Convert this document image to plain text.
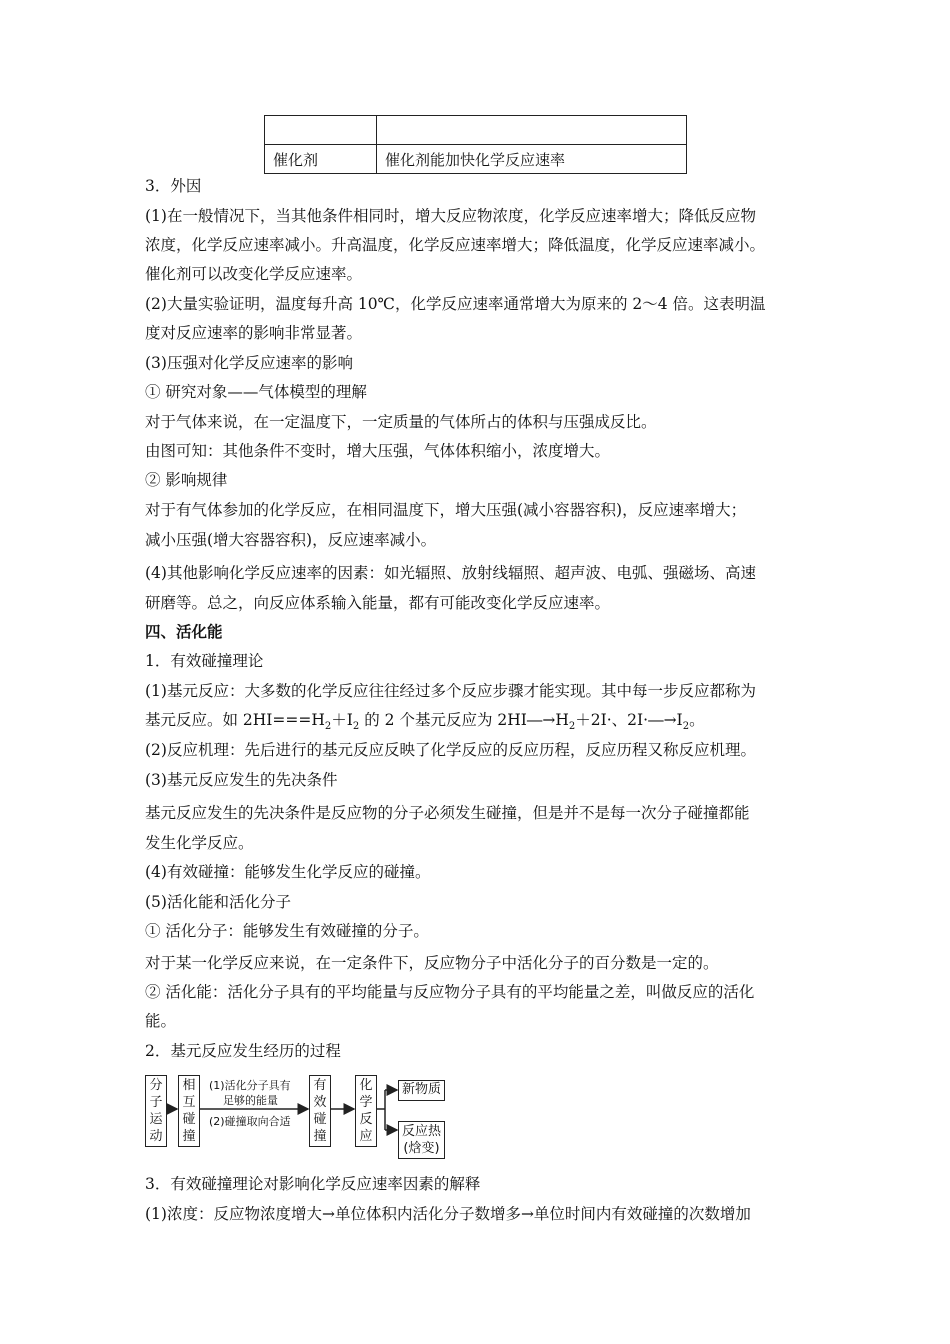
催化剂	催化剂能加快化学反应速率
3．外因
(1)在一般情况下，当其他条件相同时，增大反应物浓度，化学反应速率增大；降低反应物
浓度，化学反应速率减小。升高温度，化学反应速率增大；降低温度，化学反应速率减小。
催化剂可以改变化学反应速率。
(2)大量实验证明，温度每升高 10℃，化学反应速率通常增大为原来的 2～4 倍。这表明温
度对反应速率的影响非常显著。
(3)压强对化学反应速率的影响
① 研究对象——气体模型的理解
对于气体来说，在一定温度下，一定质量的气体所占的体积与压强成反比。
由图可知：其他条件不变时，增大压强，气体体积缩小，浓度增大。
② 影响规律
对于有气体参加的化学反应，在相同温度下，增大压强(减小容器容积)，反应速率增大；
减小压强(增大容器容积)，反应速率减小。
(4)其他影响化学反应速率的因素：如光辐照、放射线辐照、超声波、电弧、强磁场、高速
研磨等。总之，向反应体系输入能量，都有可能改变化学反应速率。
四、活化能
1．有效碰撞理论
(1)基元反应：大多数的化学反应往往经过多个反应步骤才能实现。其中每一步反应都称为
基元反应。如 $2HI===H_2+I_2$ 的 2 个基元反应为 $2HI―\to H_2+2I\cdot$、$2I\cdot―\to I_2$。
(2)反应机理：先后进行的基元反应反映了化学反应的反应历程，反应历程又称反应机理。
(3)基元反应发生的先决条件
基元反应发生的先决条件是反应物的分子必须发生碰撞，但是并不是每一次分子碰撞都能
发生化学反应。
(4)有效碰撞：能够发生化学反应的碰撞。
(5)活化能和活化分子
① 活化分子：能够发生有效碰撞的分子。
对于某一化学反应来说，在一定条件下，反应物分子中活化分子的百分数是一定的。
② 活化能：活化分子具有的平均能量与反应物分子具有的平均能量之差，叫做反应的活化
能。
2．基元反应发生经历的过程
分
子
运
动
相
互
碰
撞
(1)活化分子具有
足够的能量
(2)碰撞取向合适
有
效
碰
撞
化
学
反
应
新物质
反应热
(焓变)
3．有效碰撞理论对影响化学反应速率因素的解释
(1)浓度：反应物浓度增大→单位体积内活化分子数增多→单位时间内有效碰撞的次数增加
